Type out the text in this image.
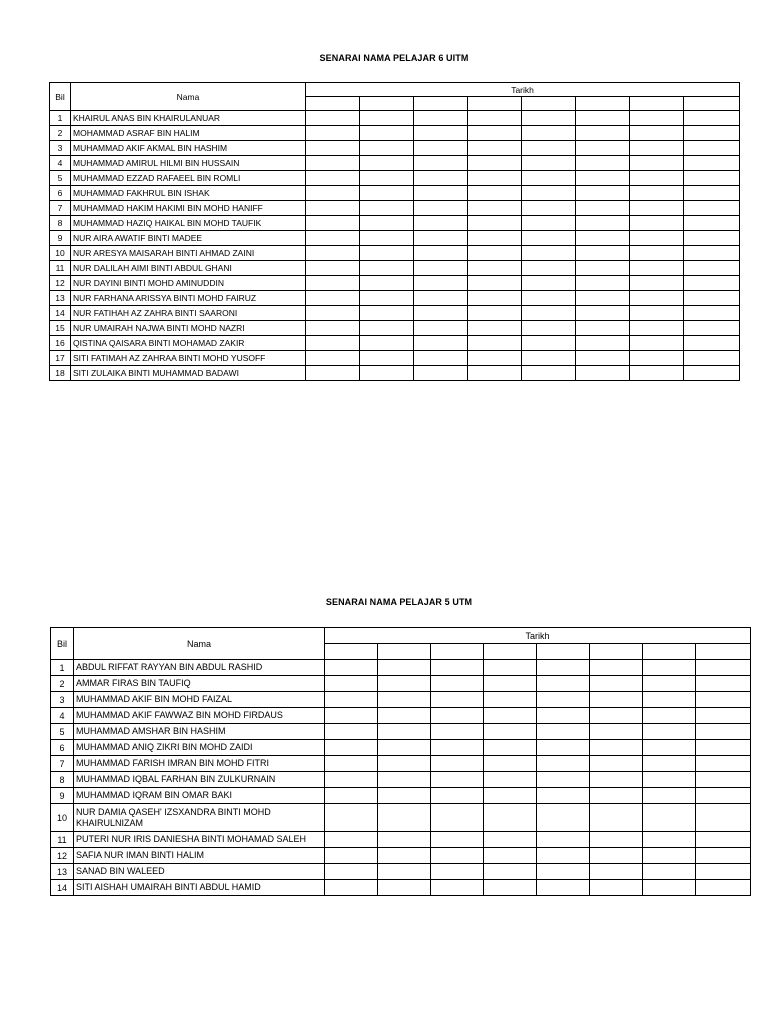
SENARAI NAMA PELAJAR 6 UITM
Bil	Nama	Tarikh							

1	KHAIRUL ANAS BIN KHAIRULANUAR								
2	MOHAMMAD ASRAF BIN HALIM								
3	MUHAMMAD AKIF AKMAL BIN HASHIM								
4	MUHAMMAD AMIRUL HILMI BIN HUSSAIN								
5	MUHAMMAD EZZAD RAFAEEL BIN ROMLI								
6	MUHAMMAD FAKHRUL BIN ISHAK								
7	MUHAMMAD HAKIM HAKIMI BIN MOHD HANIFF								
8	MUHAMMAD HAZIQ HAIKAL BIN MOHD TAUFIK								
9	NUR AIRA AWATIF BINTI MADEE								
10	NUR ARESYA MAISARAH BINTI AHMAD ZAINI								
11	NUR DALILAH AIMI BINTI ABDUL GHANI								
12	NUR DAYINI BINTI MOHD AMINUDDIN								
13	NUR FARHANA ARISSYA BINTI MOHD FAIRUZ								
14	NUR FATIHAH AZ ZAHRA BINTI SAARONI								
15	NUR UMAIRAH NAJWA BINTI MOHD NAZRI								
16	QISTINA QAISARA BINTI MOHAMAD ZAKIR								
17	SITI FATIMAH AZ ZAHRAA BINTI MOHD YUSOFF								
18	SITI ZULAIKA BINTI MUHAMMAD BADAWI								
SENARAI NAMA PELAJAR 5 UTM
Bil	Nama	Tarikh							

1	ABDUL RIFFAT RAYYAN BIN ABDUL RASHID								
2	AMMAR FIRAS BIN TAUFIQ								
3	MUHAMMAD AKIF BIN MOHD FAIZAL								
4	MUHAMMAD AKIF FAWWAZ BIN MOHD FIRDAUS								
5	MUHAMMAD AMSHAR BIN HASHIM								
6	MUHAMMAD ANIQ ZIKRI BIN MOHD ZAIDI								
7	MUHAMMAD FARISH IMRAN BIN MOHD FITRI								
8	MUHAMMAD IQBAL FARHAN BIN ZULKURNAIN								
9	MUHAMMAD IQRAM BIN OMAR BAKI								
10	NUR DAMIA QASEH' IZSXANDRA BINTI MOHD KHAIRULNIZAM								
11	PUTERI NUR IRIS DANIESHA BINTI MOHAMAD SALEH								
12	SAFIA NUR IMAN BINTI HALIM								
13	SANAD BIN WALEED								
14	SITI AISHAH UMAIRAH BINTI ABDUL HAMID								
